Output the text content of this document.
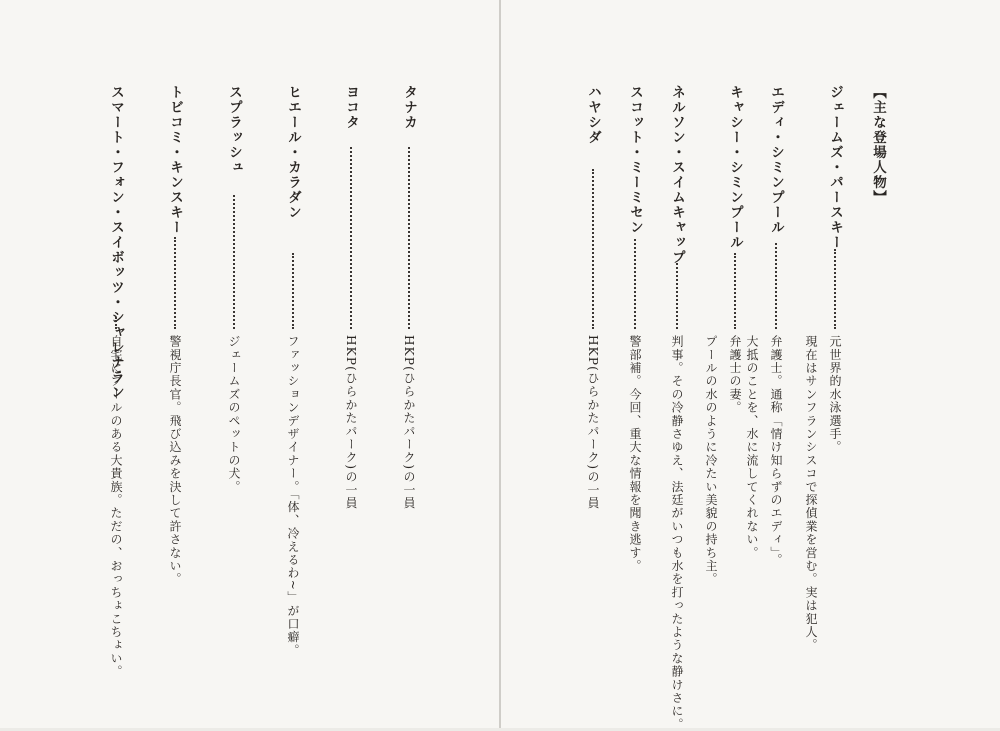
タナカ
HKP(ひらかたパーク)の一員
ヨコタ
HKP(ひらかたパーク)の一員
ヒエール・カラダン
ファッションデザイナー。「体、冷えるわ~」が口癖。
スプラッシュ
ジェームズのペットの犬。
トビコミ・キンスキー
警視庁長官。飛び込みを決して許さない。
スマート・フォン・スイボッツ・シャレナラン
自宅にプールのある大貴族。ただの、おっちょこちょい。
【主な登場人物】
ジェームズ・パースキー
元世界的水泳選手。
現在はサンフランシスコで探偵業を営む。実は犯人。
エディ・シミンプール
弁護士。通称「情け知らずのエディ」。
大抵のことを、水に流してくれない。
キャシー・シミンプール
弁護士の妻。
プールの水のように冷たい美貌の持ち主。
ネルソン・スイムキャップ
判事。その冷静さゆえ、法廷がいつも水を打ったような静けさに。
スコット・ミーミセン
警部補。今回、重大な情報を聞き逃す。
ハヤシダ
HKP(ひらかたパーク)の一員
